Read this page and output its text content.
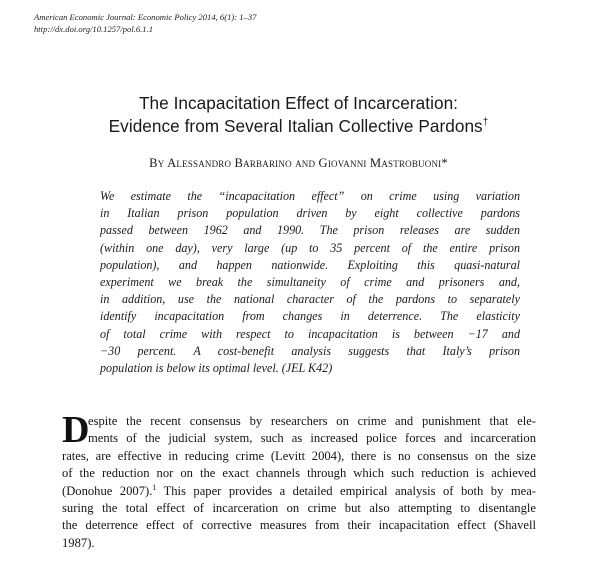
American Economic Journal: Economic Policy 2014, 6(1): 1–37
http://dx.doi.org/10.1257/pol.6.1.1
The Incapacitation Effect of Incarceration:
Evidence from Several Italian Collective Pardons†
By Alessandro Barbarino and Giovanni Mastrobuoni*
We estimate the “incapacitation effect” on crime using variation
in Italian prison population driven by eight collective pardons
passed between 1962 and 1990. The prison releases are sudden
(within one day), very large (up to 35 percent of the entire prison
population), and happen nationwide. Exploiting this quasi-natural
experiment we break the simultaneity of crime and prisoners and,
in addition, use the national character of the pardons to separately
identify incapacitation from changes in deterrence. The elasticity
of total crime with respect to incapacitation is between −17 and
−30 percent. A cost-benefit analysis suggests that Italy’s prison
population is below its optimal level. (JEL K42)
D
espite the recent consensus by researchers on crime and punishment that ele-
ments of the judicial system, such as increased police forces and incarceration
rates, are effective in reducing crime (Levitt 2004), there is no consensus on the size
of the reduction nor on the exact channels through which such reduction is achieved
(Donohue 2007).$^1$ This paper provides a detailed empirical analysis of both by mea-
suring the total effect of incarceration on crime but also attempting to disentangle
the deterrence effect of corrective measures from their incapacitation effect (Shavell
1987).
